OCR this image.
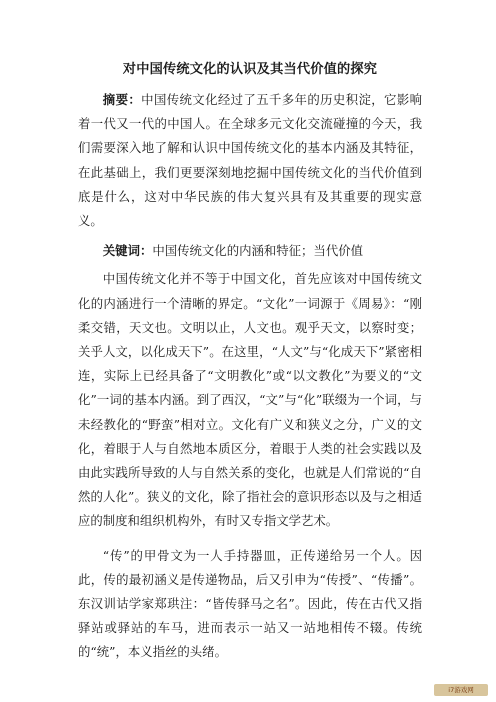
对中国传统文化的认识及其当代价值的探究

摘要：中国传统文化经过了五千多年的历史积淀，它影响着一代又一代的中国人。在全球多元文化交流碰撞的今天，我们需要深入地了解和认识中国传统文化的基本内涵及其特征，在此基础上，我们更要深刻地挖掘中国传统文化的当代价值到底是什么，这对中华民族的伟大复兴具有及其重要的现实意义。

关键词：中国传统文化的内涵和特征；当代价值

中国传统文化并不等于中国文化，首先应该对中国传统文化的内涵进行一个清晰的界定。“文化”一词源于《周易》：“刚柔交错，天文也。文明以止，人文也。观乎天文，以察时变；关乎人文，以化成天下”。在这里，“人文”与“化成天下”紧密相连，实际上已经具备了“文明教化”或“以文教化”为要义的“文化”一词的基本内涵。到了西汉，“文”与“化”联缀为一个词，与未经教化的“野蛮”相对立。文化有广义和狭义之分，广义的文化，着眼于人与自然地本质区分，着眼于人类的社会实践以及由此实践所导致的人与自然关系的变化，也就是人们常说的“自然的人化”。狭义的文化，除了指社会的意识形态以及与之相适应的制度和组织机构外，有时又专指文学艺术。

“传”的甲骨文为一人手持器皿，正传递给另一个人。因此，传的最初涵义是传递物品，后又引申为“传授”、“传播”。东汉训诂学家郑珙注：“皆传驿马之名”。因此，传在古代又指驿站或驿站的车马，进而表示一站又一站地相传不辍。传统的“统”，本义指丝的头绪。

i7游戏网
